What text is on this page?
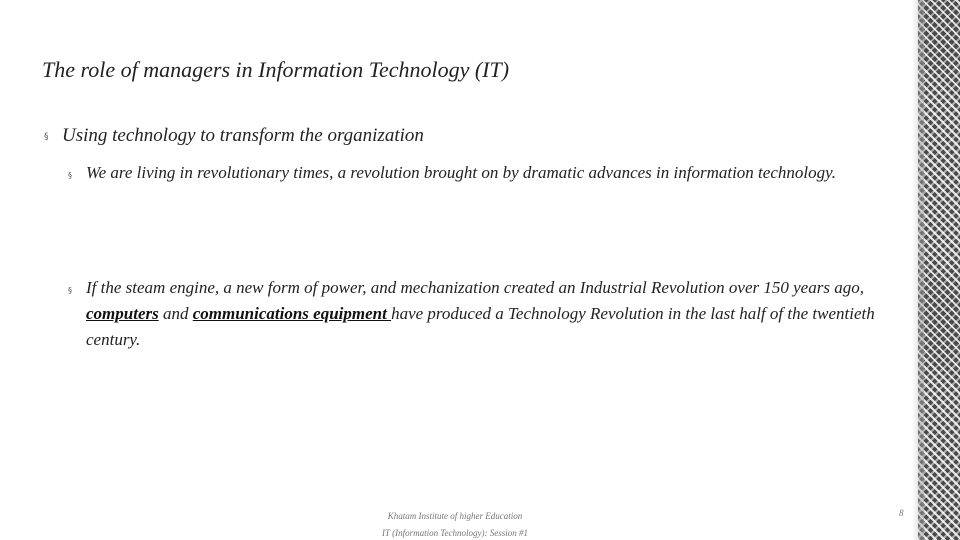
The role of managers in Information Technology (IT)
§ Using technology to transform the organization
§ We are living in revolutionary times, a revolution brought on by dramatic advances in information technology.
§ If the steam engine, a new form of power, and mechanization created an Industrial Revolution over 150 years ago, computers and communications equipment have produced a Technology Revolution in the last half of the twentieth century.
Khatam Institute of higher Education
IT (Information Technology): Session #1
8
